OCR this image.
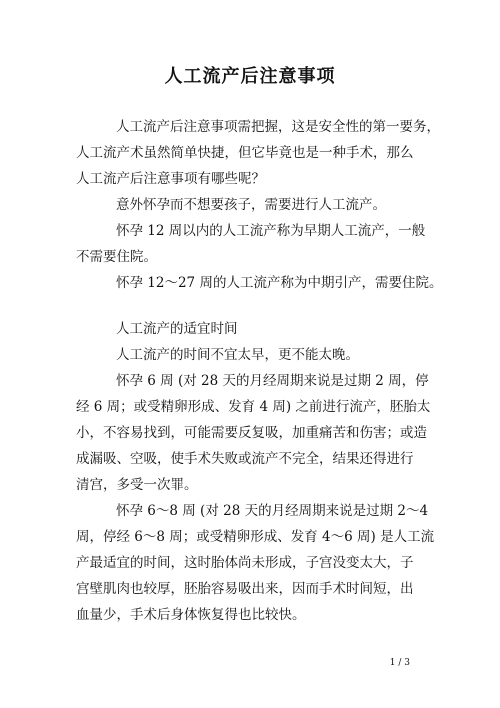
人工流产后注意事项
人工流产后注意事项需把握，这是安全性的第一要务，
人工流产术虽然简单快捷，但它毕竟也是一种手术，那么
人工流产后注意事项有哪些呢？
意外怀孕而不想要孩子，需要进行人工流产。
怀孕 12 周以内的人工流产称为早期人工流产，一般
不需要住院。
怀孕 12～27 周的人工流产称为中期引产，需要住院。
人工流产的适宜时间
人工流产的时间不宜太早，更不能太晚。
怀孕 6 周 (对 28 天的月经周期来说是过期 2 周，停
经 6 周；或受精卵形成、发育 4 周) 之前进行流产，胚胎太
小，不容易找到，可能需要反复吸，加重痛苦和伤害；或造
成漏吸、空吸，使手术失败或流产不完全，结果还得进行
清宫，多受一次罪。
怀孕 6～8 周 (对 28 天的月经周期来说是过期 2～4
周，停经 6～8 周；或受精卵形成、发育 4～6 周) 是人工流
产最适宜的时间，这时胎体尚未形成，子宫没变太大，子
宫壁肌肉也较厚，胚胎容易吸出来，因而手术时间短，出
血量少，手术后身体恢复得也比较快。
1 / 3
